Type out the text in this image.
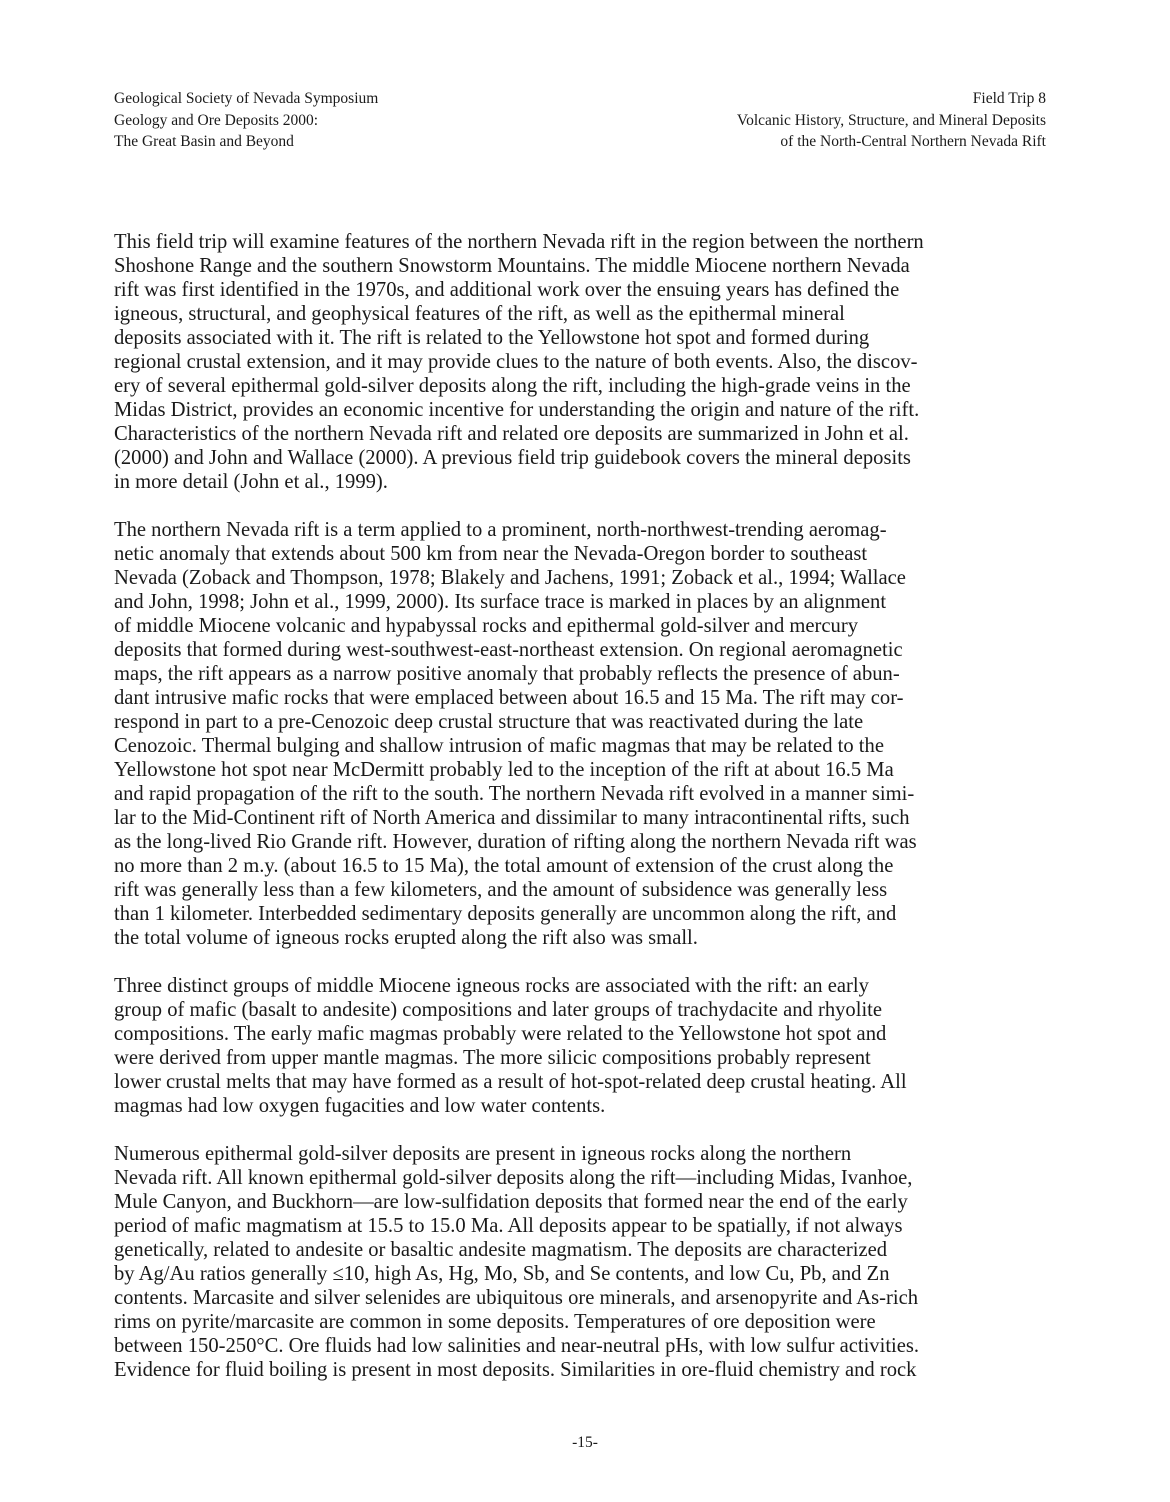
Geological Society of Nevada Symposium
Geology and Ore Deposits 2000:
The Great Basin and Beyond
Field Trip 8
Volcanic History, Structure, and Mineral Deposits
of the North-Central Northern Nevada Rift

This field trip will examine features of the northern Nevada rift in the region between the northern
Shoshone Range and the southern Snowstorm Mountains. The middle Miocene northern Nevada
rift was first identified in the 1970s, and additional work over the ensuing years has defined the
igneous, structural, and geophysical features of the rift, as well as the epithermal mineral
deposits associated with it. The rift is related to the Yellowstone hot spot and formed during
regional crustal extension, and it may provide clues to the nature of both events. Also, the discov-
ery of several epithermal gold-silver deposits along the rift, including the high-grade veins in the
Midas District, provides an economic incentive for understanding the origin and nature of the rift.
Characteristics of the northern Nevada rift and related ore deposits are summarized in John et al.
(2000) and John and Wallace (2000). A previous field trip guidebook covers the mineral deposits
in more detail (John et al., 1999).

The northern Nevada rift is a term applied to a prominent, north-northwest-trending aeromag-
netic anomaly that extends about 500 km from near the Nevada-Oregon border to southeast
Nevada (Zoback and Thompson, 1978; Blakely and Jachens, 1991; Zoback et al., 1994; Wallace
and John, 1998; John et al., 1999, 2000). Its surface trace is marked in places by an alignment
of middle Miocene volcanic and hypabyssal rocks and epithermal gold-silver and mercury
deposits that formed during west-southwest-east-northeast extension. On regional aeromagnetic
maps, the rift appears as a narrow positive anomaly that probably reflects the presence of abun-
dant intrusive mafic rocks that were emplaced between about 16.5 and 15 Ma. The rift may cor-
respond in part to a pre-Cenozoic deep crustal structure that was reactivated during the late
Cenozoic. Thermal bulging and shallow intrusion of mafic magmas that may be related to the
Yellowstone hot spot near McDermitt probably led to the inception of the rift at about 16.5 Ma
and rapid propagation of the rift to the south. The northern Nevada rift evolved in a manner simi-
lar to the Mid-Continent rift of North America and dissimilar to many intracontinental rifts, such
as the long-lived Rio Grande rift. However, duration of rifting along the northern Nevada rift was
no more than 2 m.y. (about 16.5 to 15 Ma), the total amount of extension of the crust along the
rift was generally less than a few kilometers, and the amount of subsidence was generally less
than 1 kilometer. Interbedded sedimentary deposits generally are uncommon along the rift, and
the total volume of igneous rocks erupted along the rift also was small.

Three distinct groups of middle Miocene igneous rocks are associated with the rift: an early
group of mafic (basalt to andesite) compositions and later groups of trachydacite and rhyolite
compositions. The early mafic magmas probably were related to the Yellowstone hot spot and
were derived from upper mantle magmas. The more silicic compositions probably represent
lower crustal melts that may have formed as a result of hot-spot-related deep crustal heating. All
magmas had low oxygen fugacities and low water contents.

Numerous epithermal gold-silver deposits are present in igneous rocks along the northern
Nevada rift. All known epithermal gold-silver deposits along the rift—including Midas, Ivanhoe,
Mule Canyon, and Buckhorn—are low-sulfidation deposits that formed near the end of the early
period of mafic magmatism at 15.5 to 15.0 Ma. All deposits appear to be spatially, if not always
genetically, related to andesite or basaltic andesite magmatism. The deposits are characterized
by Ag/Au ratios generally ≤10, high As, Hg, Mo, Sb, and Se contents, and low Cu, Pb, and Zn
contents. Marcasite and silver selenides are ubiquitous ore minerals, and arsenopyrite and As-rich
rims on pyrite/marcasite are common in some deposits. Temperatures of ore deposition were
between 150-250°C. Ore fluids had low salinities and near-neutral pHs, with low sulfur activities.
Evidence for fluid boiling is present in most deposits. Similarities in ore-fluid chemistry and rock

-15-
